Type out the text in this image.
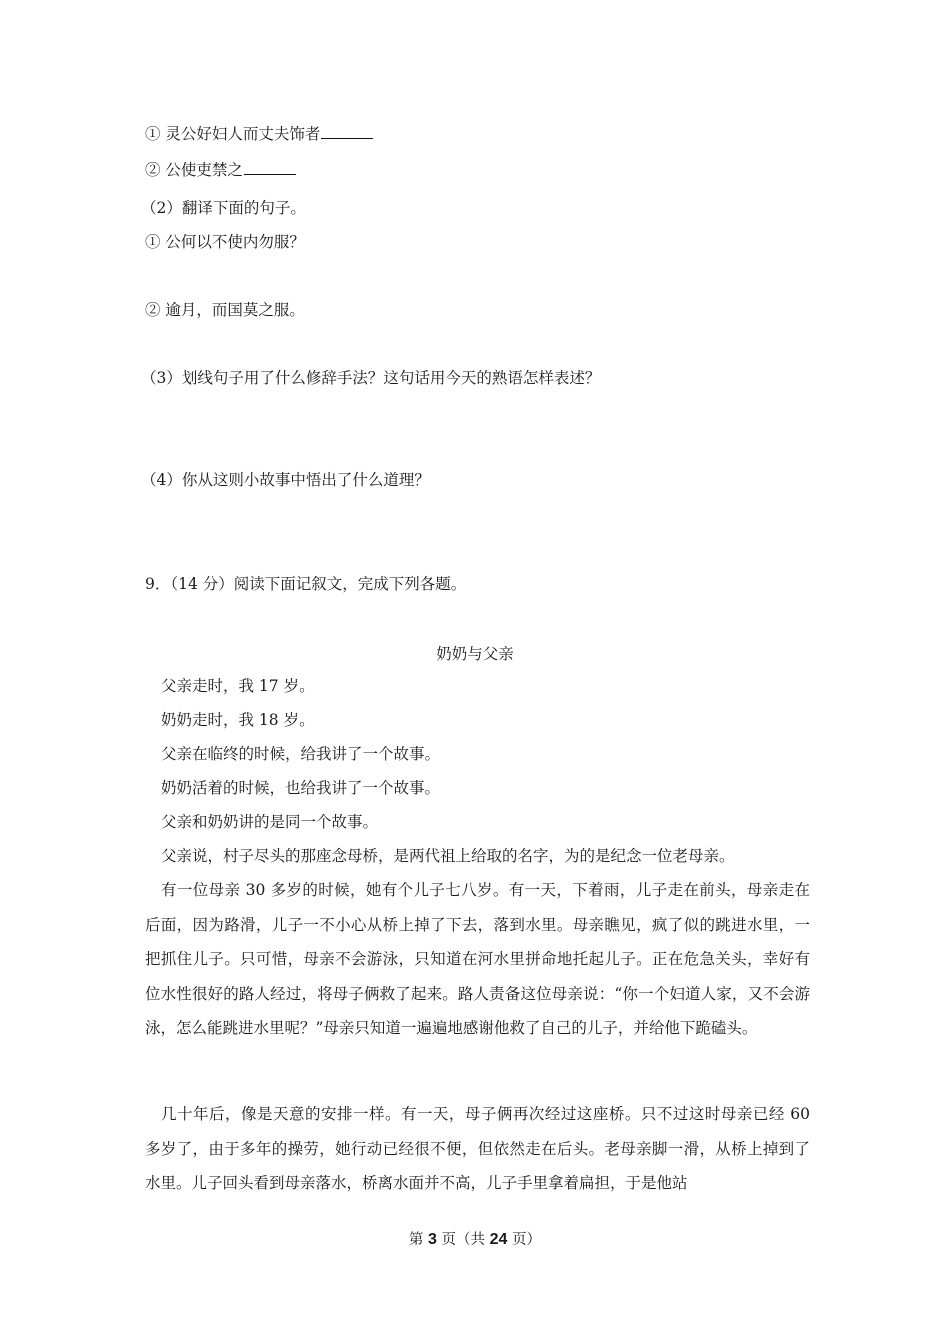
① 灵公好妇人而丈夫饰者
② 公使吏禁之
（2）翻译下面的句子。
① 公何以不使内勿服？
② 逾月，而国莫之服。
（3）划线句子用了什么修辞手法？这句话用今天的熟语怎样表述？
（4）你从这则小故事中悟出了什么道理？
9．（14 分）阅读下面记叙文，完成下列各题。
奶奶与父亲
父亲走时，我 17 岁。
奶奶走时，我 18 岁。
父亲在临终的时候，给我讲了一个故事。
奶奶活着的时候，也给我讲了一个故事。
父亲和奶奶讲的是同一个故事。
父亲说，村子尽头的那座念母桥，是两代祖上给取的名字，为的是纪念一位老母亲。
有一位母亲 30 多岁的时候，她有个儿子七八岁。有一天，下着雨，儿子走在前头，母亲走在后面，因为路滑，儿子一不小心从桥上掉了下去，落到水里。母亲瞧见，疯了似的跳进水里，一把抓住儿子。只可惜，母亲不会游泳，只知道在河水里拼命地托起儿子。正在危急关头，幸好有位水性很好的路人经过，将母子俩救了起来。路人责备这位母亲说：“你一个妇道人家，又不会游泳，怎么能跳进水里呢？”母亲只知道一遍遍地感谢他救了自己的儿子，并给他下跪磕头。
几十年后，像是天意的安排一样。有一天，母子俩再次经过这座桥。只不过这时母亲已经 60 多岁了，由于多年的操劳，她行动已经很不便，但依然走在后头。老母亲脚一滑，从桥上掉到了水里。儿子回头看到母亲落水，桥离水面并不高，儿子手里拿着扁担，于是他站
第 3 页（共 24 页）
